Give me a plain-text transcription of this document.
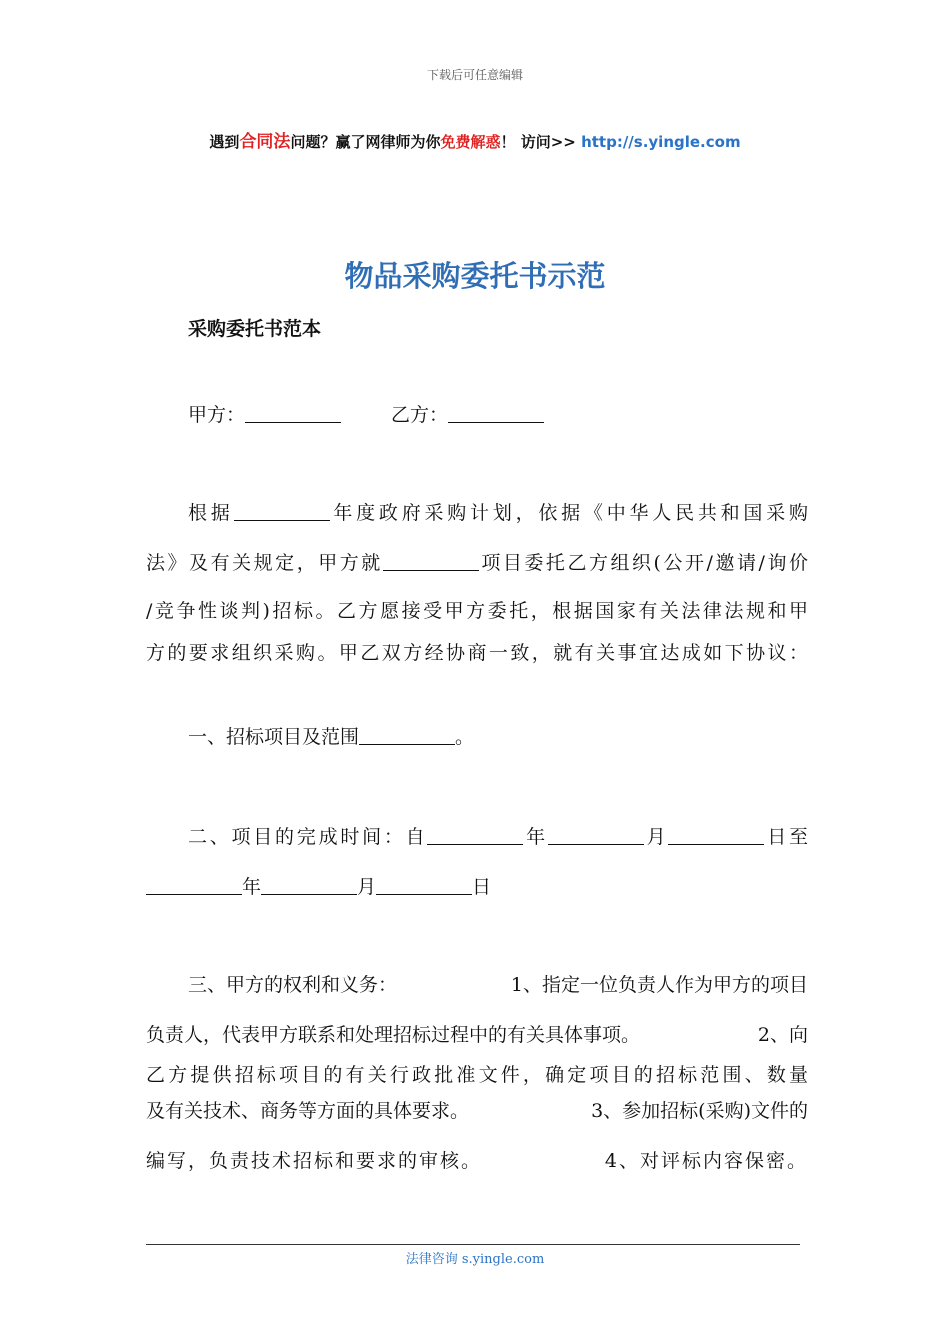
下载后可任意编辑
遇到合同法问题？赢了网律师为你免费解惑！ 访问>> http://s.yingle.com
物品采购委托书示范
采购委托书范本
甲方：	乙方：
根据	年度政府采购计划，依据《中华人民共和国采购
法》及有关规定，甲方就	项目委托乙方组织(公开/邀请/询价
/竞争性谈判)招标。乙方愿接受甲方委托，根据国家有关法律法规和甲
方的要求组织采购。甲乙双方经协商一致，就有关事宜达成如下协议：
一、招标项目及范围	。
二、项目的完成时间：自	年	月	日至
年	月	日
三、甲方的权利和义务：	1、指定一位负责人作为甲方的项目
负责人，代表甲方联系和处理招标过程中的有关具体事项。	2、向
乙方提供招标项目的有关行政批准文件，确定项目的招标范围、数量
及有关技术、商务等方面的具体要求。	3、参加招标(采购)文件的
编写，负责技术招标和要求的审核。	4、对评标内容保密。
法律咨询 s.yingle.com
